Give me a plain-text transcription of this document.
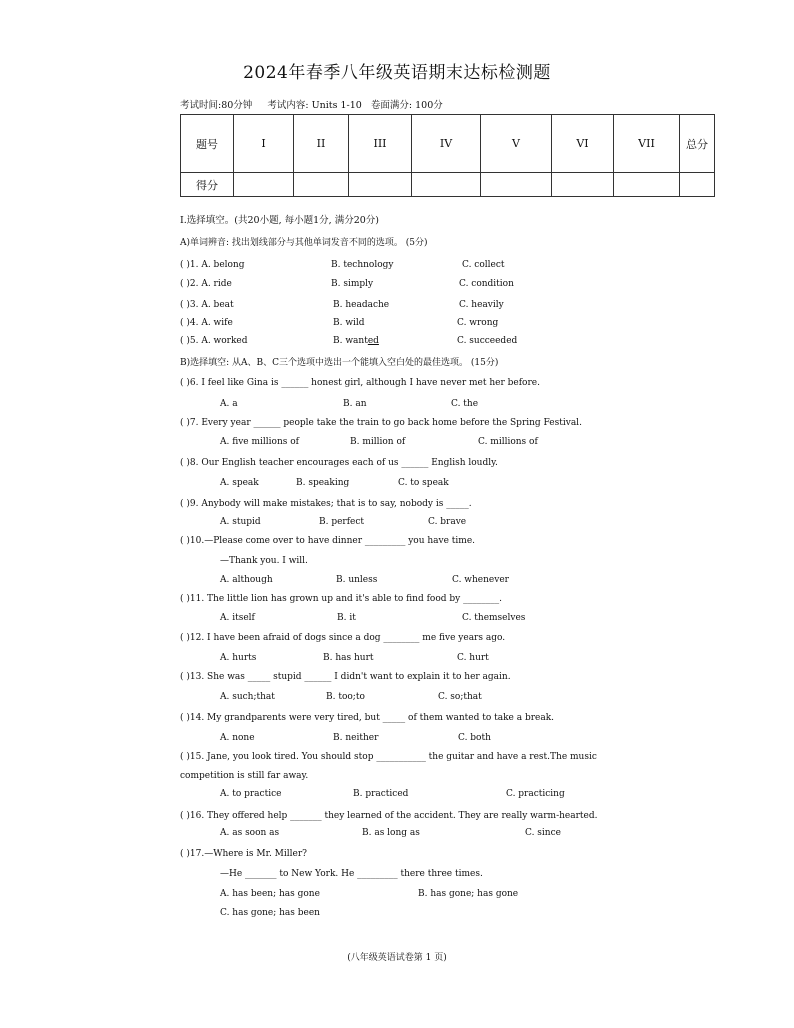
2024年春季八年级英语期末达标检测题
考试时间:80分钟     考试内容: Units 1-10   卷面满分: 100分
题号	I	II	III	IV	V	VI	VII	总分
得分								
Ⅰ.选择填空。(共20小题, 每小题1分, 满分20分)
A)单词辨音: 找出划线部分与其他单词发音不同的选项。 (5分)
( )1. A. belong	B. technology	C. collect
( )2. A. ride	B. simply	C. condition
( )3. A. beat	B. headache	C. heavily
( )4. A. wife	B. wild	C. wrong
( )5. A. worked	B. wanted	C. succeeded
B)选择填空: 从A、B、C三个选项中选出一个能填入空白处的最佳选项。 (15分)
( )6. I feel like Gina is ______ honest girl, although I have never met her before.
A. a	B. an	C. the
( )7. Every year ______ people take the train to go back home before the Spring Festival.
A. five millions of	B. million of	C. millions of
( )8. Our English teacher encourages each of us ______ English loudly.
A. speak	B. speaking	C. to speak
( )9. Anybody will make mistakes; that is to say, nobody is _____.
A. stupid	B. perfect	C. brave
( )10.—Please come over to have dinner _________ you have time.
—Thank you. I will.
A. although	B. unless	C. whenever
( )11. The little lion has grown up and it's able to find food by ________.
A. itself	B. it	C. themselves
( )12. I have been afraid of dogs since a dog ________ me five years ago.
A. hurts	B. has hurt	C. hurt
( )13. She was _____ stupid ______ I didn't want to explain it to her again.
A. such;that	B. too;to	C. so;that
( )14. My grandparents were very tired, but _____ of them wanted to take a break.
A. none	B. neither	C. both
( )15. Jane, you look tired. You should stop ___________ the guitar and have a rest.The music
competition is still far away.
A. to practice	B. practiced	C. practicing
( )16. They offered help _______ they learned of the accident. They are really warm-hearted.
A. as soon as	B. as long as	C. since
( )17.—Where is Mr. Miller?
—He _______ to New York. He _________ there three times.
A. has been; has gone	B. has gone; has gone
C. has gone; has been
(八年级英语试卷第 1 页)
